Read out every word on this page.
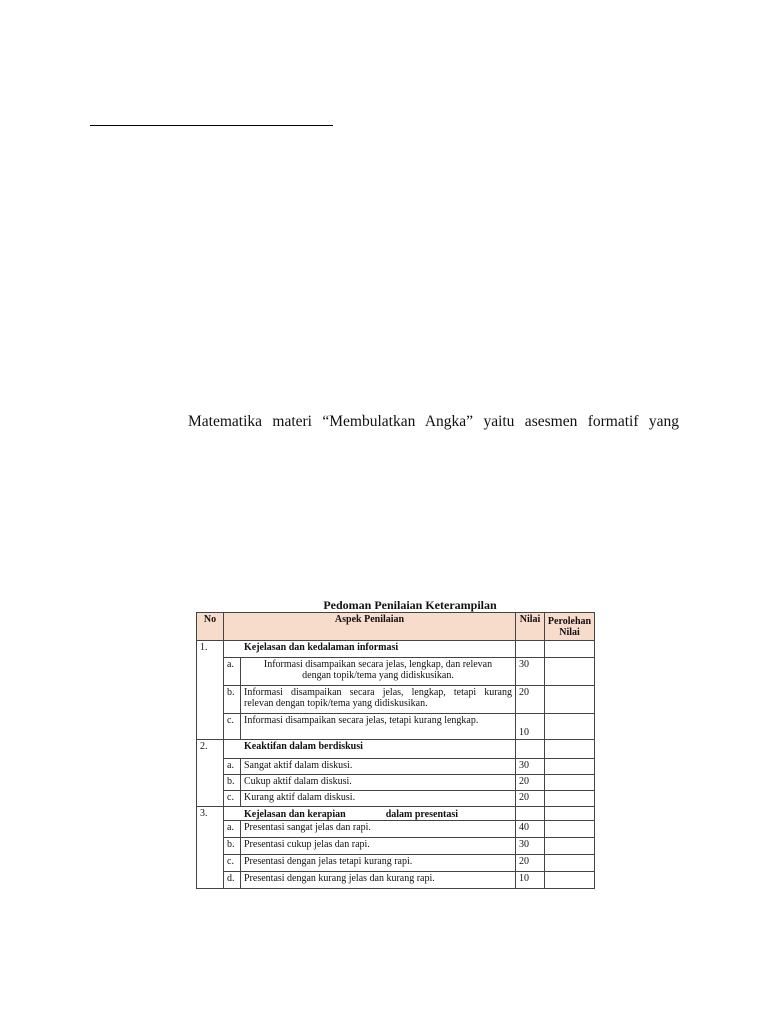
Matematika materi “Membulatkan Angka” yaitu asesmen formatif yang
Pedoman Penilaian Keterampilan
No	Aspek Penilaian		Nilai	Perolehan
Nilai

1.	Kejelasan dan kedalaman informasi			
	a.	Informasi disampaikan secara jelas, lengkap, dan relevan
dengan topik/tema yang didiskusikan.	30	
	b.	Informasi disampaikan secara jelas, lengkap, tetapi kurang
relevan dengan topik/tema yang didiskusikan.	20	
	c.	Informasi disampaikan secara jelas, tetapi kurang lengkap.	10	
2.	Keaktifan dalam berdiskusi			
	a.	Sangat aktif dalam diskusi.	30	
	b.	Cukup aktif dalam diskusi.	20	
	c.	Kurang aktif dalam diskusi.	20	
3.	Kejelasan dan kerapian dalam presentasi			
	a.	Presentasi sangat jelas dan rapi.	40	
	b.	Presentasi cukup jelas dan rapi.	30	
	c.	Presentasi dengan jelas tetapi kurang rapi.	20	
	d.	Presentasi dengan kurang jelas dan kurang rapi.	10	
